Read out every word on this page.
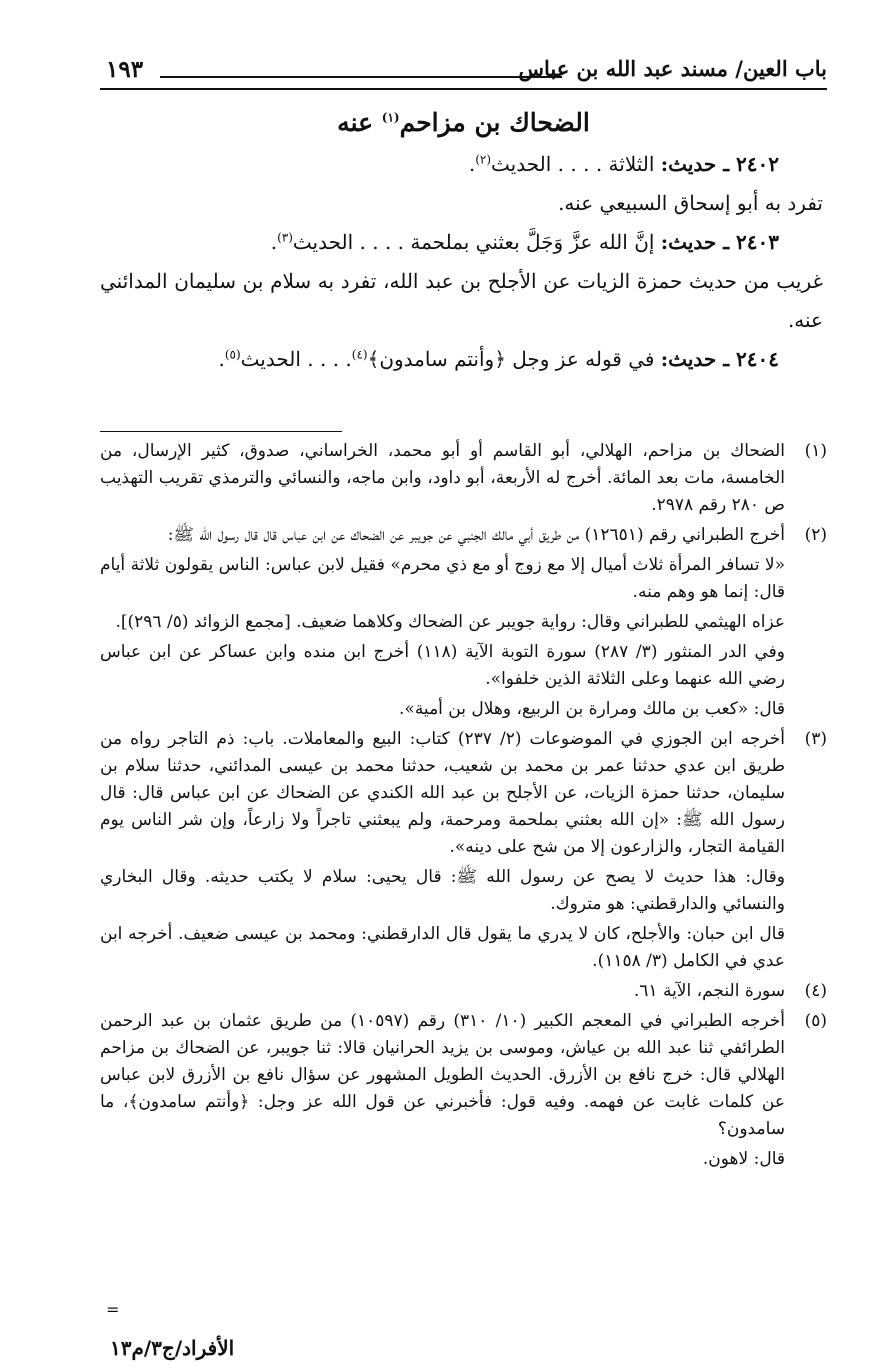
باب العين/ مسند عبد الله بن عباس
١٩٣
الضحاك بن مزاحم$^{(١)}$ عنه

٢٤٠٢ ـ حديث: الثلاثة . . . . الحديث$^{(٢)}$.

تفرد به أبو إسحاق السبيعي عنه.

٢٤٠٣ ـ حديث: إنَّ الله عزَّ وَجَلَّ بعثني بملحمة . . . . الحديث$^{(٣)}$.

غريب من حديث حمزة الزيات عن الأجلح بن عبد الله، تفرد به سلام بن سليمان المدائني عنه.

٢٤٠٤ ـ حديث: في قوله عز وجل ﴿وأنتم سامدون﴾$^{(٤)}$. . . . الحديث$^{(٥)}$.

(١)

الضحاك بن مزاحم، الهلالي، أبو القاسم أو أبو محمد، الخراساني، صدوق، كثير الإرسال، من الخامسة، مات بعد المائة. أخرج له الأربعة، أبو داود، وابن ماجه، والنسائي والترمذي تقريب التهذيب ص ٢٨٠ رقم ٢٩٧٨.

(٢)

أخرج الطبراني رقم (١٢٦٥١) من طريق أبي مالك الجنبي عن جويبر عن الضحاك عن ابن عباس قال قال رسول الله ﷺ:

«لا تسافر المرأة ثلاث أميال إلا مع زوج أو مع ذي محرم» فقيل لابن عباس: الناس يقولون ثلاثة أيام قال: إنما هو وهم منه.

عزاه الهيثمي للطبراني وقال: رواية جويبر عن الضحاك وكلاهما ضعيف. [مجمع الزوائد (٥/ ٢٩٦)].

وفي الدر المنثور (٣/ ٢٨٧) سورة التوبة الآية (١١٨) أخرج ابن منده وابن عساكر عن ابن عباس رضي الله عنهما وعلى الثلاثة الذين خلفوا».

قال: «كعب بن مالك ومرارة بن الربيع، وهلال بن أمية».

(٣)

أخرجه ابن الجوزي في الموضوعات (٢/ ٢٣٧) كتاب: البيع والمعاملات. باب: ذم التاجر رواه من طريق ابن عدي حدثنا عمر بن محمد بن شعيب، حدثنا محمد بن عيسى المدائني، حدثنا سلام بن سليمان، حدثنا حمزة الزيات، عن الأجلح بن عبد الله الكندي عن الضحاك عن ابن عباس قال: قال رسول الله ﷺ: «إن الله بعثني بملحمة ومرحمة، ولم يبعثني تاجراً ولا زارعاً، وإن شر الناس يوم القيامة التجار، والزارعون إلا من شح على دينه».

وقال: هذا حديث لا يصح عن رسول الله ﷺ: قال يحيى: سلام لا يكتب حديثه. وقال البخاري والنسائي والدارقطني: هو متروك.

قال ابن حبان: والأجلح، كان لا يدري ما يقول قال الدارقطني: ومحمد بن عيسى ضعيف. أخرجه ابن عدي في الكامل (٣/ ١١٥٨).

(٤)

سورة النجم، الآية ٦١.

(٥)

أخرجه الطبراني في المعجم الكبير (١٠/ ٣١٠) رقم (١٠٥٩٧) من طريق عثمان بن عبد الرحمن الطرائفي ثنا عبد الله بن عياش، وموسى بن يزيد الحرانيان قالا: ثنا جويبر، عن الضحاك بن مزاحم الهلالي قال: خرج نافع بن الأزرق. الحديث الطويل المشهور عن سؤال نافع بن الأزرق لابن عباس عن كلمات غابت عن فهمه. وفيه قول: فأخبرني عن قول الله عز وجل: ﴿وأنتم سامدون﴾، ما سامدون؟

قال: لاهون.

=
الأفراد/ج٣/م١٣
